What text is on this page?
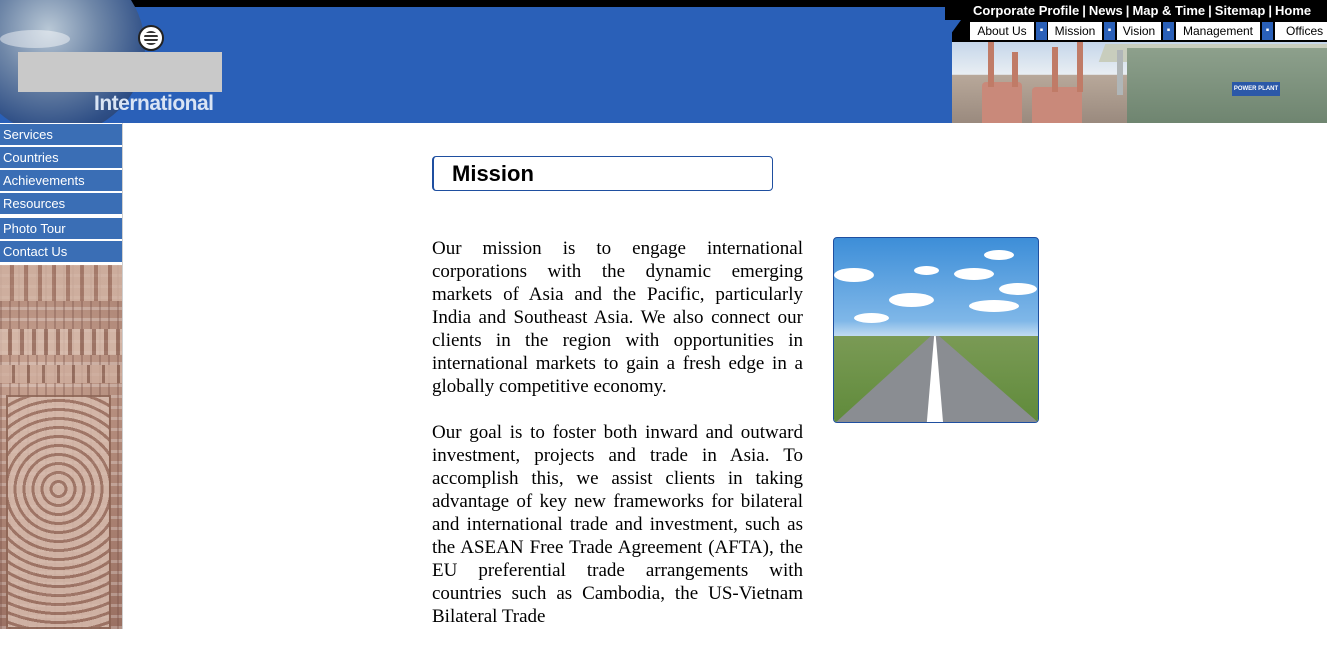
International
POWER PLANT
Corporate Profile | News | Map & Time | Sitemap | Home
About Us	▪ Mission	▪ Vision	▪	Management	▪	Offices
Services
Countries
Achievements
Resources
Photo Tour
Contact Us
Mission

Our mission is to engage international corporations with the dynamic emerging markets of Asia and the Pacific, particularly India and Southeast Asia. We also connect our clients in the region with opportunities in international markets to gain a fresh edge in a globally competitive economy.

Our goal is to foster both inward and outward investment, projects and trade in Asia. To accomplish this, we assist clients in taking advantage of key new frameworks for bilateral and international trade and investment, such as the ASEAN Free Trade Agreement (AFTA), the EU preferential trade arrangements with countries such as Cambodia, the US-Vietnam Bilateral Trade
